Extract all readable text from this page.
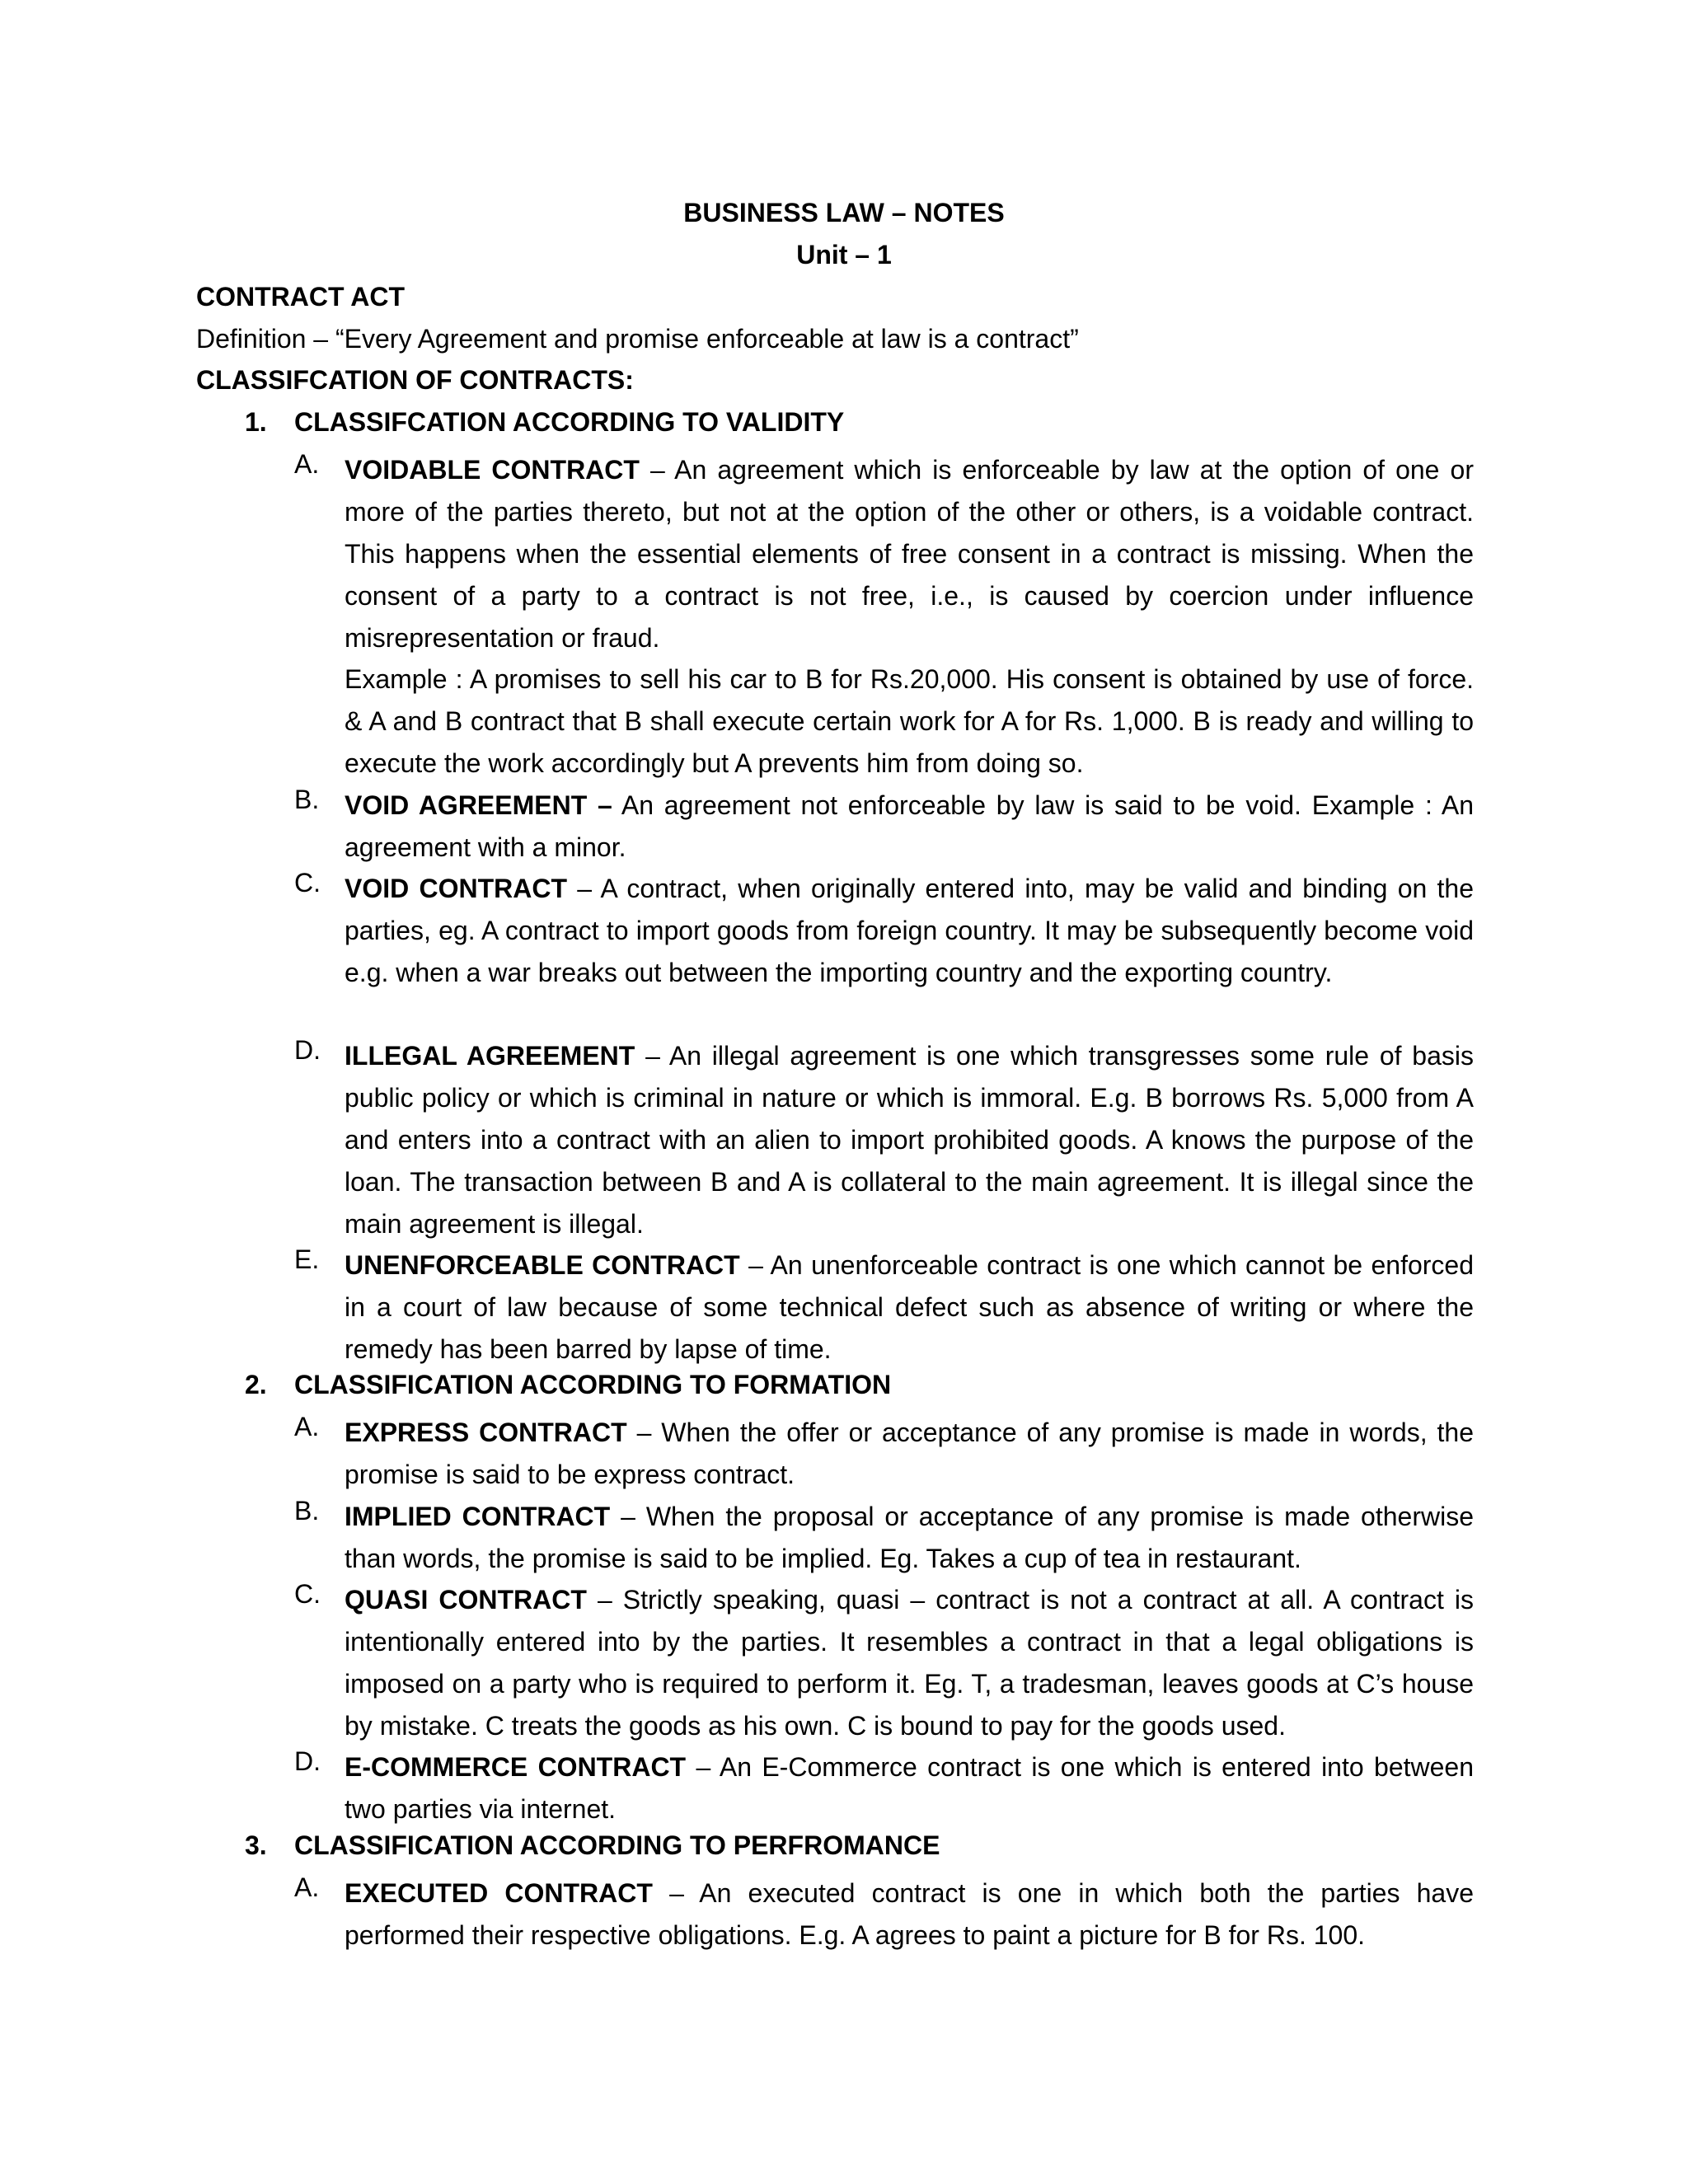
BUSINESS LAW – NOTES
Unit – 1
CONTRACT ACT
Definition – “Every Agreement and promise enforceable at law is a contract”
CLASSIFCATION OF CONTRACTS:
1. CLASSIFCATION ACCORDING TO VALIDITY
A. VOIDABLE CONTRACT – An agreement which is enforceable by law at the option of one or more of the parties thereto, but not at the option of the other or others, is a voidable contract. This happens when the essential elements of free consent in a contract is missing. When the consent of a party to a contract is not free, i.e., is caused by coercion under influence misrepresentation or fraud.
Example : A promises to sell his car to B for Rs.20,000. His consent is obtained by use of force. & A and B contract that B shall execute certain work for A for Rs. 1,000. B is ready and willing to execute the work accordingly but A prevents him from doing so.
B. VOID AGREEMENT – An agreement not enforceable by law is said to be void. Example : An agreement with a minor.
C. VOID CONTRACT – A contract, when originally entered into, may be valid and binding on the parties, eg. A contract to import goods from foreign country. It may be subsequently become void e.g. when a war breaks out between the importing country and the exporting country.
D. ILLEGAL AGREEMENT – An illegal agreement is one which transgresses some rule of basis public policy or which is criminal in nature or which is immoral. E.g. B borrows Rs. 5,000 from A and enters into a contract with an alien to import prohibited goods. A knows the purpose of the loan. The transaction between B and A is collateral to the main agreement. It is illegal since the main agreement is illegal.
E. UNENFORCEABLE CONTRACT – An unenforceable contract is one which cannot be enforced in a court of law because of some technical defect such as absence of writing or where the remedy has been barred by lapse of time.
2. CLASSIFICATION ACCORDING TO FORMATION
A. EXPRESS CONTRACT – When the offer or acceptance of any promise is made in words, the promise is said to be express contract.
B. IMPLIED CONTRACT – When the proposal or acceptance of any promise is made otherwise than words, the promise is said to be implied. Eg. Takes a cup of tea in restaurant.
C. QUASI CONTRACT – Strictly speaking, quasi – contract is not a contract at all. A contract is intentionally entered into by the parties. It resembles a contract in that a legal obligations is imposed on a party who is required to perform it. Eg. T, a tradesman, leaves goods at C’s house by mistake. C treats the goods as his own. C is bound to pay for the goods used.
D. E-COMMERCE CONTRACT – An E-Commerce contract is one which is entered into between two parties via internet.
3. CLASSIFICATION ACCORDING TO PERFROMANCE
A. EXECUTED CONTRACT – An executed contract is one in which both the parties have performed their respective obligations. E.g. A agrees to paint a picture for B for Rs. 100.
